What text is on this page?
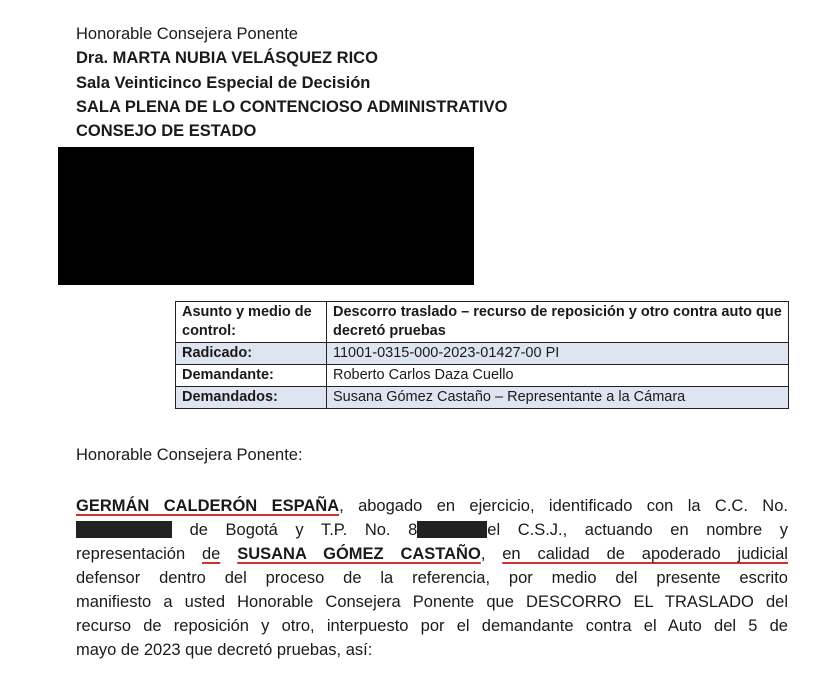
Honorable Consejera Ponente
Dra. MARTA NUBIA VELÁSQUEZ RICO
Sala Veinticinco Especial de Decisión
SALA PLENA DE LO CONTENCIOSO ADMINISTRATIVO
CONSEJO DE ESTADO
Asunto y medio de control:	Descorro traslado – recurso de reposición y otro contra auto que decretó pruebas
Radicado:	11001-0315-000-2023-01427-00 PI
Demandante:	Roberto Carlos Daza Cuello
Demandados:	Susana Gómez Castaño – Representante a la Cámara
Honorable Consejera Ponente:
GERMÁN CALDERÓN ESPAÑA, abogado en ejercicio, identificado con la C.C. No.
de Bogotá y T.P. No. 8	el C.S.J., actuando en nombre y
representación de SUSANA GÓMEZ CASTAÑO, en calidad de apoderado judicial
defensor dentro del proceso de la referencia, por medio del presente escrito
manifiesto a usted Honorable Consejera Ponente que DESCORRO EL TRASLADO del
recurso de reposición y otro, interpuesto por el demandante contra el Auto del 5 de
mayo de 2023 que decretó pruebas, así:
